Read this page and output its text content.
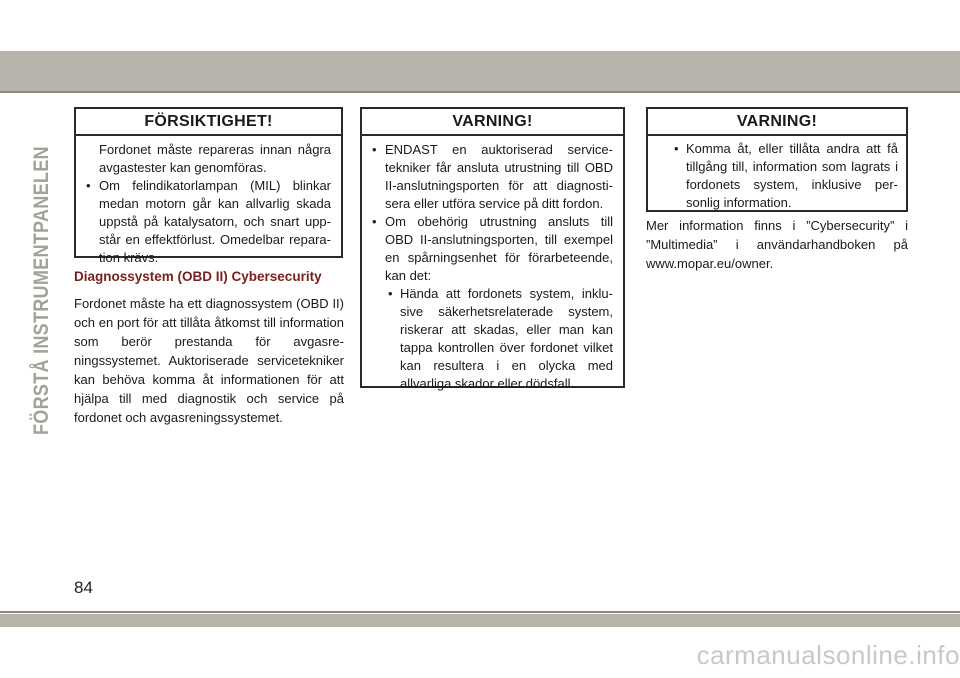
FÖRSTÅ INSTRUMENTPANELEN
FÖRSIKTIGHET!
Fordonet måste repareras innan några avgastester kan genomföras.
• Om felindikatorlampan (MIL) blinkar medan motorn går kan allvarlig skada uppstå på katalysatorn, och snart uppstår en effektförlust. Omedelbar reparation krävs.
Diagnossystem (OBD II) Cybersecurity
Fordonet måste ha ett diagnossystem (OBD II) och en port för att tillåta åtkomst till information som berör prestanda för avgasreningssystemet. Auktoriserade servicetekniker kan behöva komma åt informationen för att hjälpa till med diagnostik och service på fordonet och avgasreningssystemet.
VARNING!
• ENDAST en auktoriserad servicetekniker får ansluta utrustning till OBD II-anslutningsporten för att diagnostisera eller utföra service på ditt fordon.
• Om obehörig utrustning ansluts till OBD II-anslutningsporten, till exempel en spårningsenhet för förarbeteende, kan det:
• Hända att fordonets system, inklusive säkerhetsrelaterade system, riskerar att skadas, eller man kan tappa kontrollen över fordonet vilket kan resultera i en olycka med allvarliga skador eller dödsfall.
VARNING!
• Komma åt, eller tillåta andra att få tillgång till, information som lagrats i fordonets system, inklusive personlig information.
Mer information finns i ”Cybersecurity” i ”Multimedia” i användarhandboken på www.mopar.eu/owner.
84
carmanualsonline.info
